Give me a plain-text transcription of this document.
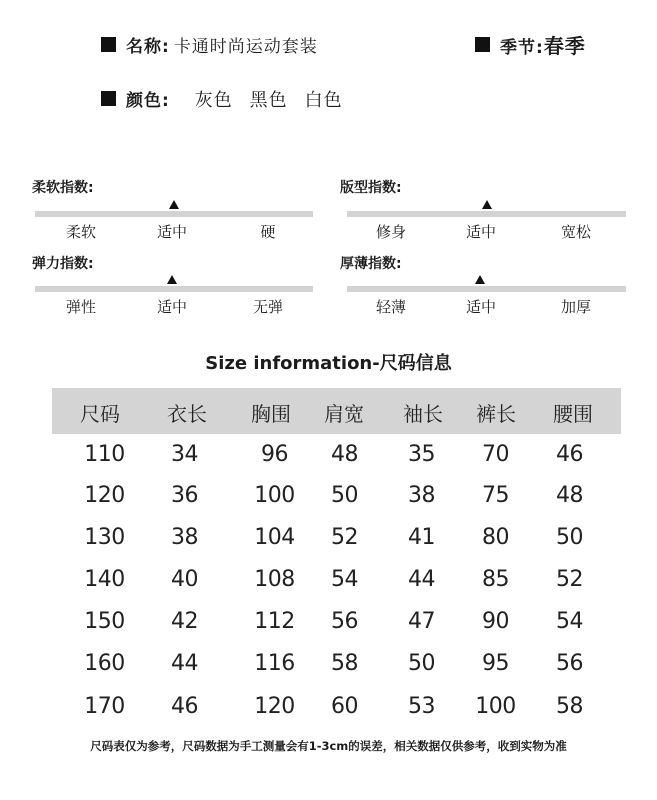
名称: 卡通时尚运动套装	季节:春季
颜色: 灰色 黑色 白色
柔软指数:
柔软	适中	硬
版型指数:
修身	适中	宽松
弹力指数:
弹性	适中	无弹
厚薄指数:
轻薄	适中	加厚
Size information-尺码信息
尺码	衣长	胸围	肩宽	袖长	裤长	腰围
110	34	96	48	35	70	46
120	36	100	50	38	75	48
130	38	104	52	41	80	50
140	40	108	54	44	85	52
150	42	112	56	47	90	54
160	44	116	58	50	95	56
170	46	120	60	53	100	58
尺码表仅为参考，尺码数据为手工测量会有1-3cm的误差，相关数据仅供参考，收到实物为准
